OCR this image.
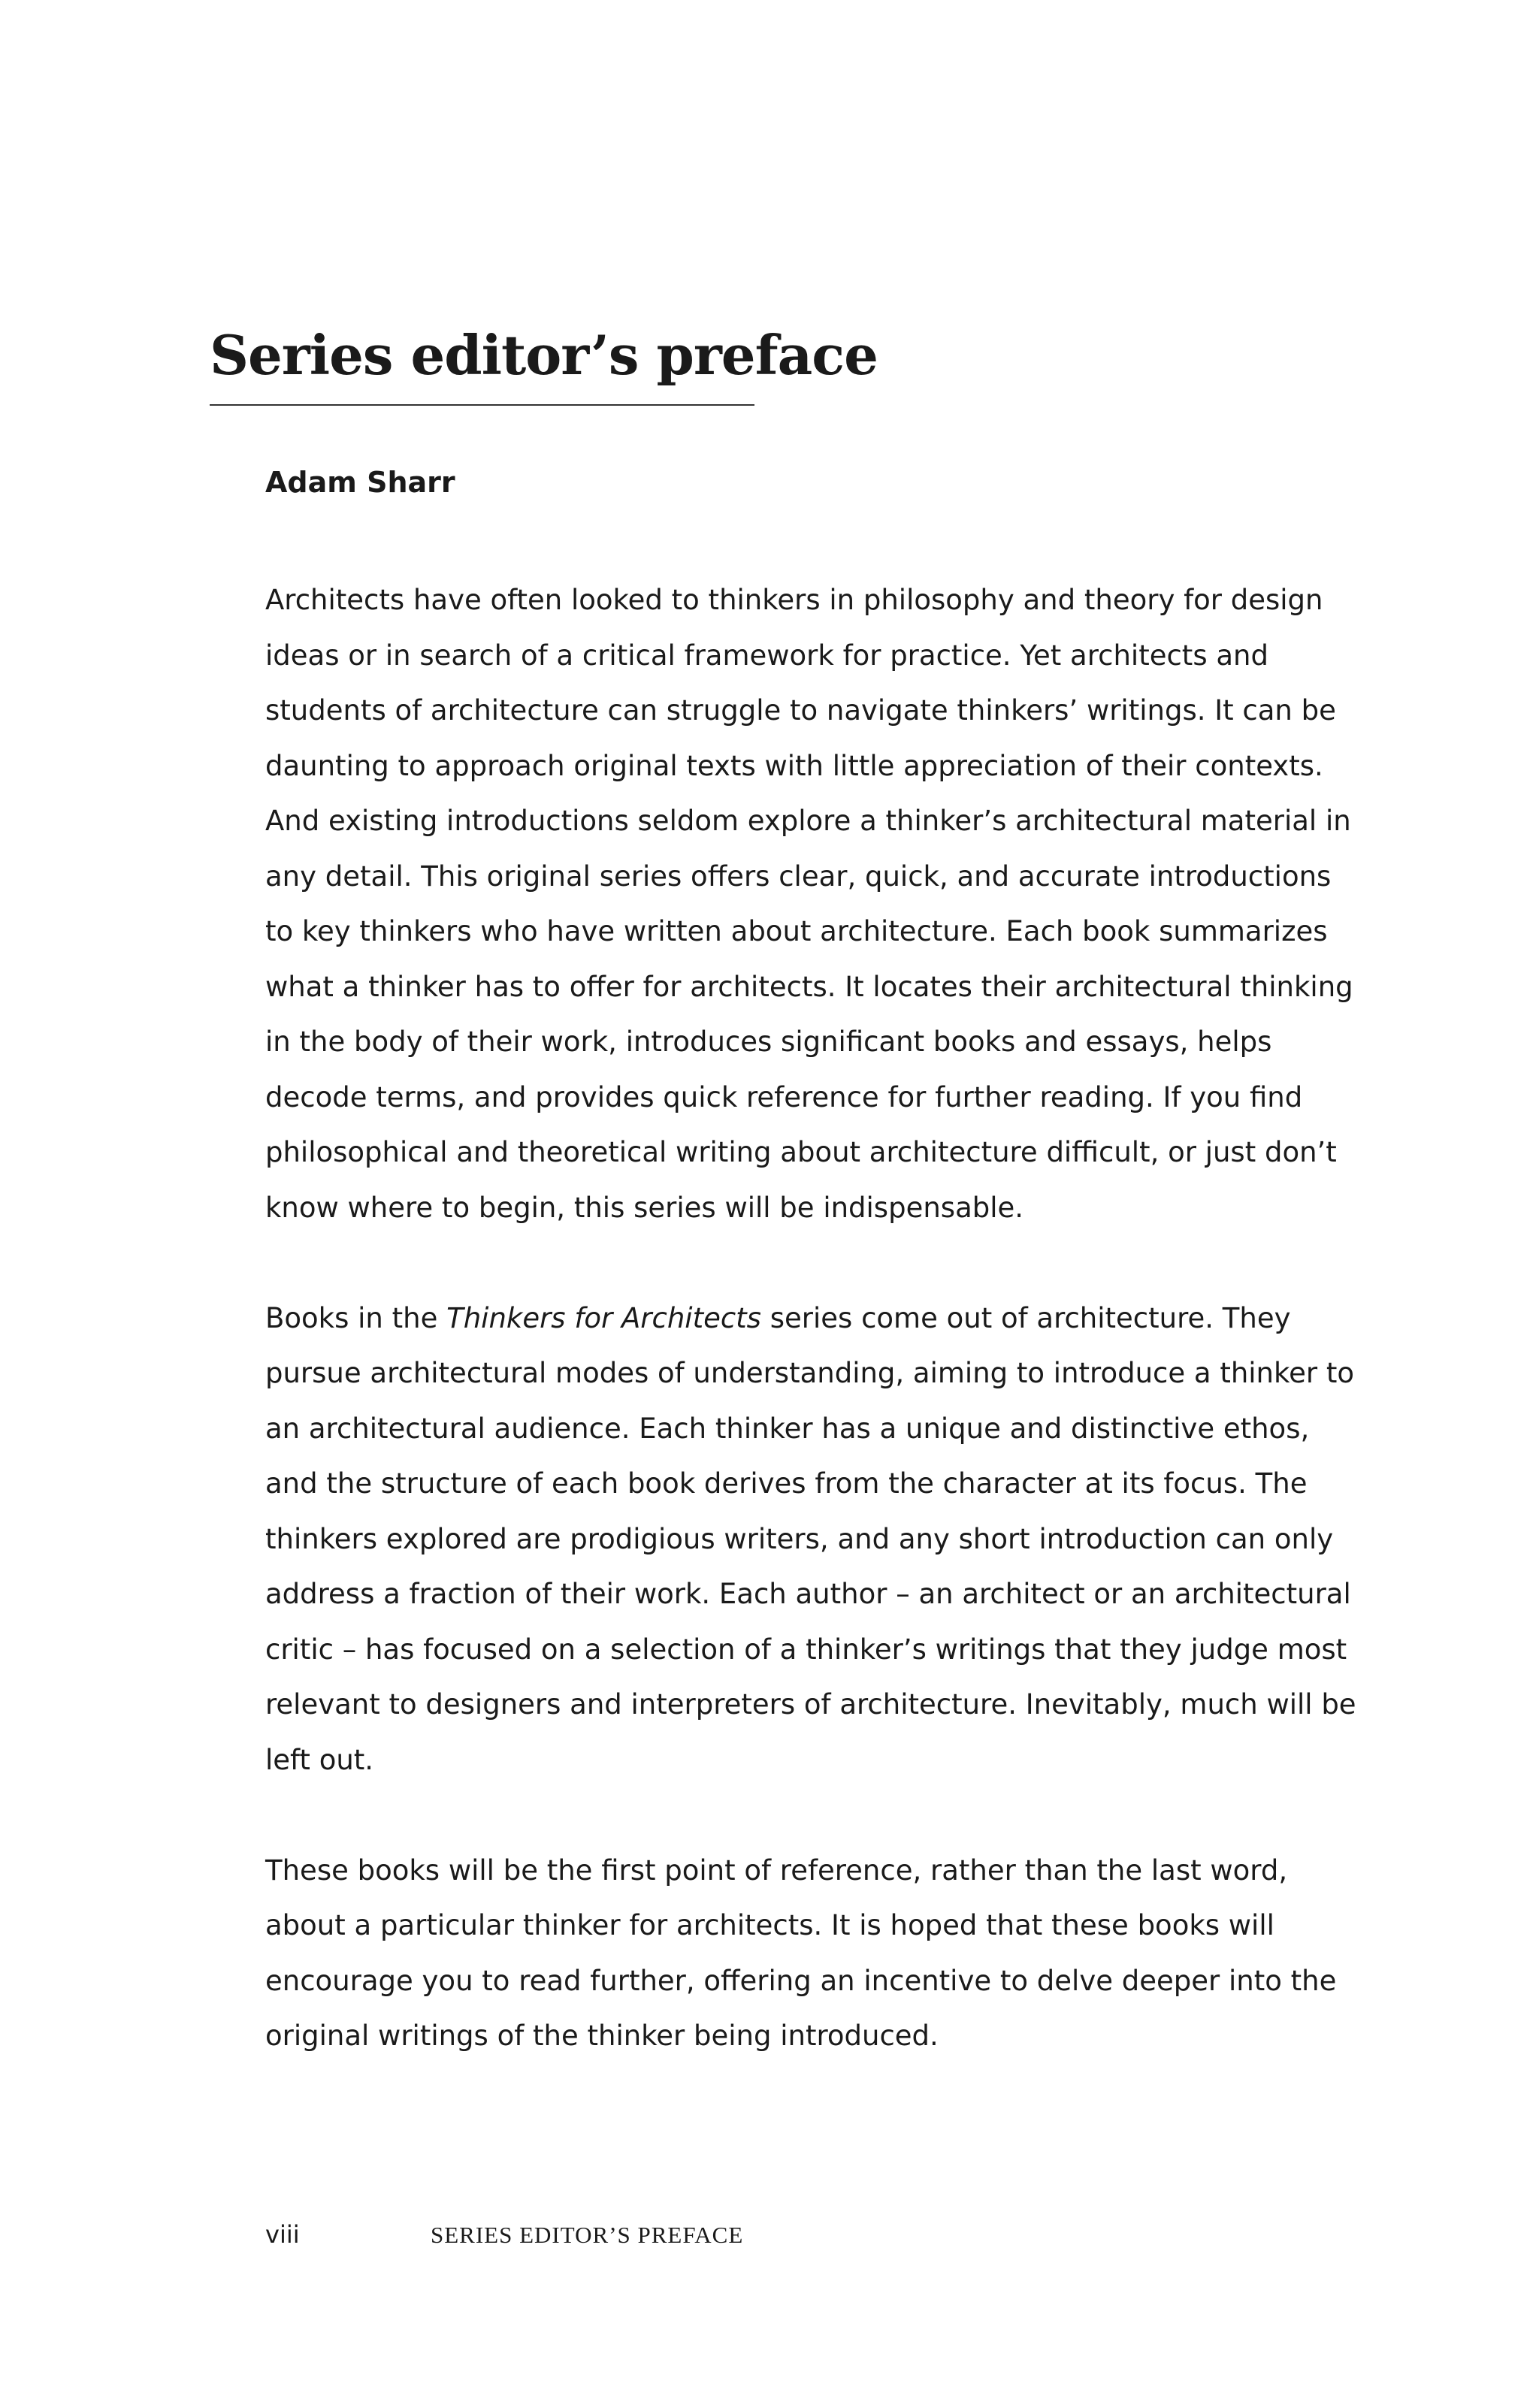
Series editor’s preface

Adam Sharr

Architects have often looked to thinkers in philosophy and theory for design ideas or in search of a critical framework for practice. Yet architects and students of architecture can struggle to navigate thinkers’ writings. It can be daunting to approach original texts with little appreciation of their contexts. And existing introductions seldom explore a thinker’s architectural material in any detail. This original series offers clear, quick, and accurate introductions to key thinkers who have written about architecture. Each book summarizes what a thinker has to offer for architects. It locates their architectural thinking in the body of their work, introduces significant books and essays, helps decode terms, and provides quick reference for further reading. If you find philosophical and theoretical writing about architecture difficult, or just don’t know where to begin, this series will be indispensable.

Books in the Thinkers for Architects series come out of architecture. They pursue architectural modes of understanding, aiming to introduce a thinker to an architectural audience. Each thinker has a unique and distinctive ethos, and the structure of each book derives from the character at its focus. The thinkers explored are prodigious writers, and any short introduction can only address a fraction of their work. Each author – an architect or an architectural critic – has focused on a selection of a thinker’s writings that they judge most relevant to designers and interpreters of architecture. Inevitably, much will be left out.

These books will be the first point of reference, rather than the last word, about a particular thinker for architects. It is hoped that these books will encourage you to read further, offering an incentive to delve deeper into the original writings of the thinker being introduced.

viii	SERIES EDITOR’S PREFACE
